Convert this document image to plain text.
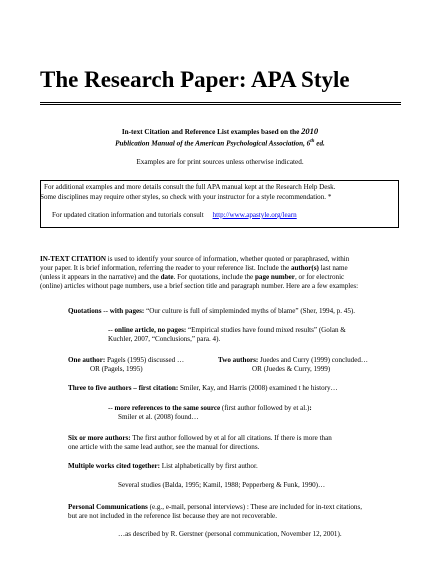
The Research Paper: APA Style
In-text Citation and Reference List examples based on the 2010
Publication Manual of the American Psychological Association, 6th ed.
Examples are for print sources unless otherwise indicated.
For additional examples and more details consult the full APA manual kept at the Research Help Desk.
Some disciplines may require other styles, so check with your instructor for a style recommendation. *
For updated citation information and tutorials consult http://www.apastyle.org/learn
IN-TEXT CITATION is used to identify your source of information, whether quoted or paraphrased, within
your paper. It is brief information, referring the reader to your reference list. Include the author(s) last name
(unless it appears in the narrative) and the date. For quotations, include the page number, or for electronic
(online) articles without page numbers, use a brief section title and paragraph number. Here are a few examples:
Quotations -- with pages: “Our culture is full of simpleminded myths of blame” (Sher, 1994, p. 45).
-- online article, no pages: “Empirical studies have found mixed results” (Golan &
Kuchler, 2007, “Conclusions,” para. 4).
One author: Pagels (1995) discussed …	Two authors: Juedes and Curry (1999) concluded…
OR (Pagels, 1995)	OR (Juedes & Curry, 1999)
Three to five authors – first citation: Smiler, Kay, and Harris (2008) examined t he history…
-- more references to the same source (first author followed by et al.):
Smiler et al. (2008) found…
Six or more authors: The first author followed by et al for all citations. If there is more than
one article with the same lead author, see the manual for directions.
Multiple works cited together: List alphabetically by first author.
Several studies (Balda, 1995; Kamil, 1988; Pepperberg & Funk, 1990)…
Personal Communications (e.g., e-mail, personal interviews) : These are included for in-text citations,
but are not included in the reference list because they are not recoverable.
…as described by R. Gerstner (personal communication, November 12, 2001).
